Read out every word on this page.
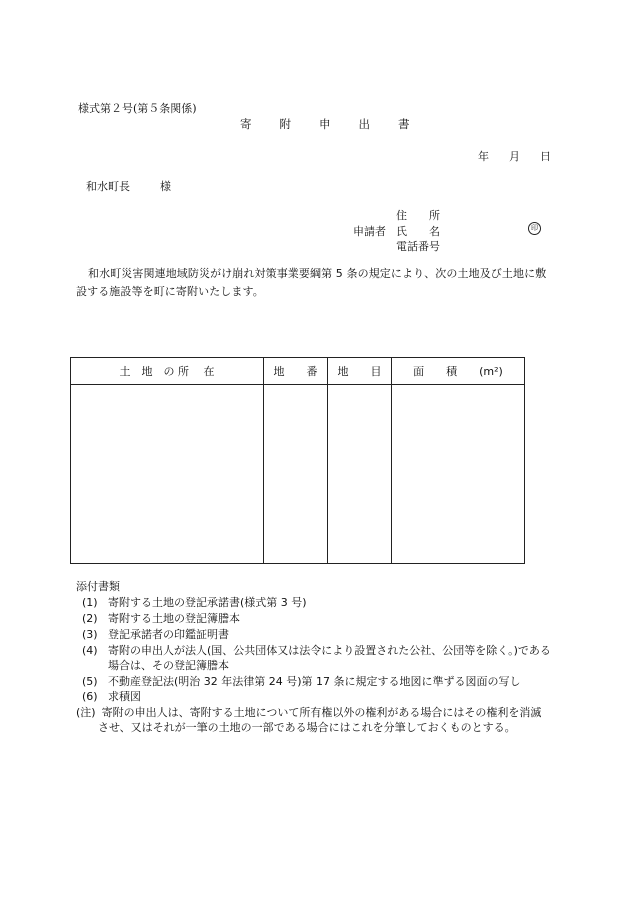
様式第２号(第５条関係)
寄 附 申 出 書
年 月 日
和水町長	様
住　　所
申請者 氏　　名	印
電話番号
和水町災害関連地域防災がけ崩れ対策事業要綱第 5 条の規定により、次の土地及び土地に敷設する施設等を町に寄附いたします。
土　地　の 所　 在	地　　番	地　　目	面　　積　　(m²)

添付書類
(1) 寄附する土地の登記承諾書(様式第 3 号)
(2) 寄附する土地の登記簿謄本
(3) 登記承諾者の印鑑証明書
(4) 寄附の申出人が法人(国、公共団体又は法令により設置された公社、公団等を除く。)である
場合は、その登記簿謄本
(5) 不動産登記法(明治 32 年法律第 24 号)第 17 条に規定する地図に準ずる図面の写し
(6) 求積図
(注) 寄附の申出人は、寄附する土地について所有権以外の権利がある場合にはその権利を消滅
させ、又はそれが一筆の土地の一部である場合にはこれを分筆しておくものとする。
